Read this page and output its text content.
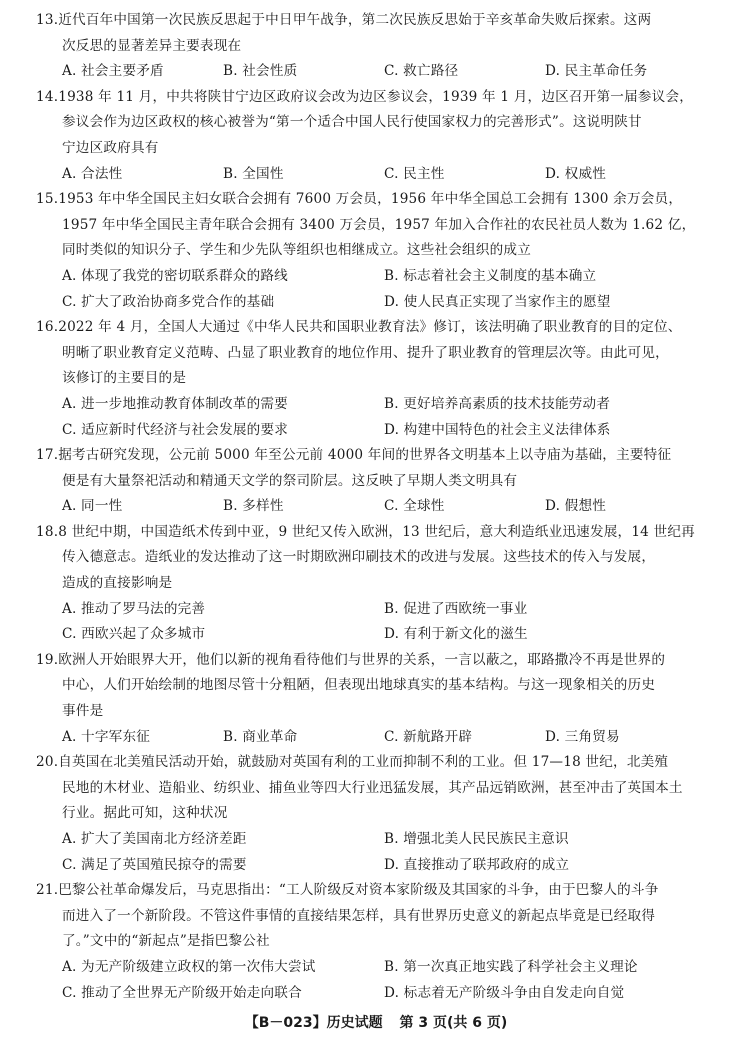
13.近代百年中国第一次民族反思起于中日甲午战争，第二次民族反思始于辛亥革命失败后探索。这两
次反思的显著差异主要表现在
A. 社会主要矛盾	B. 社会性质	C. 救亡路径	D. 民主革命任务
14.1938 年 11 月，中共将陕甘宁边区政府议会改为边区参议会，1939 年 1 月，边区召开第一届参议会，
参议会作为边区政权的核心被誉为“第一个适合中国人民行使国家权力的完善形式”。这说明陕甘
宁边区政府具有
A. 合法性	B. 全国性	C. 民主性	D. 权威性
15.1953 年中华全国民主妇女联合会拥有 7600 万会员，1956 年中华全国总工会拥有 1300 余万会员，
1957 年中华全国民主青年联合会拥有 3400 万会员，1957 年加入合作社的农民社员人数为 1.62 亿，
同时类似的知识分子、学生和少先队等组织也相继成立。这些社会组织的成立
A. 体现了我党的密切联系群众的路线	B. 标志着社会主义制度的基本确立
C. 扩大了政治协商多党合作的基础	D. 使人民真正实现了当家作主的愿望
16.2022 年 4 月，全国人大通过《中华人民共和国职业教育法》修订，该法明确了职业教育的目的定位、
明晰了职业教育定义范畴、凸显了职业教育的地位作用、提升了职业教育的管理层次等。由此可见，
该修订的主要目的是
A. 进一步地推动教育体制改革的需要	B. 更好培养高素质的技术技能劳动者
C. 适应新时代经济与社会发展的要求	D. 构建中国特色的社会主义法律体系
17.据考古研究发现，公元前 5000 年至公元前 4000 年间的世界各文明基本上以寺庙为基础，主要特征
便是有大量祭祀活动和精通天文学的祭司阶层。这反映了早期人类文明具有
A. 同一性	B. 多样性	C. 全球性	D. 假想性
18.8 世纪中期，中国造纸术传到中亚，9 世纪又传入欧洲，13 世纪后，意大利造纸业迅速发展，14 世纪再
传入德意志。造纸业的发达推动了这一时期欧洲印刷技术的改进与发展。这些技术的传入与发展，
造成的直接影响是
A. 推动了罗马法的完善	B. 促进了西欧统一事业
C. 西欧兴起了众多城市	D. 有利于新文化的滋生
19.欧洲人开始眼界大开，他们以新的视角看待他们与世界的关系，一言以蔽之，耶路撒冷不再是世界的
中心，人们开始绘制的地图尽管十分粗陋，但表现出地球真实的基本结构。与这一现象相关的历史
事件是
A. 十字军东征	B. 商业革命	C. 新航路开辟	D. 三角贸易
20.自英国在北美殖民活动开始，就鼓励对英国有利的工业而抑制不利的工业。但 17—18 世纪，北美殖
民地的木材业、造船业、纺织业、捕鱼业等四大行业迅猛发展，其产品远销欧洲，甚至冲击了英国本土
行业。据此可知，这种状况
A. 扩大了美国南北方经济差距	B. 增强北美人民民族民主意识
C. 满足了英国殖民掠夺的需要	D. 直接推动了联邦政府的成立
21.巴黎公社革命爆发后，马克思指出：“工人阶级反对资本家阶级及其国家的斗争，由于巴黎人的斗争
而进入了一个新阶段。不管这件事情的直接结果怎样，具有世界历史意义的新起点毕竟是已经取得
了。”文中的“新起点”是指巴黎公社
A. 为无产阶级建立政权的第一次伟大尝试	B. 第一次真正地实践了科学社会主义理论
C. 推动了全世界无产阶级开始走向联合	D. 标志着无产阶级斗争由自发走向自觉
【B－023】历史试题 第 3 页(共 6 页)
